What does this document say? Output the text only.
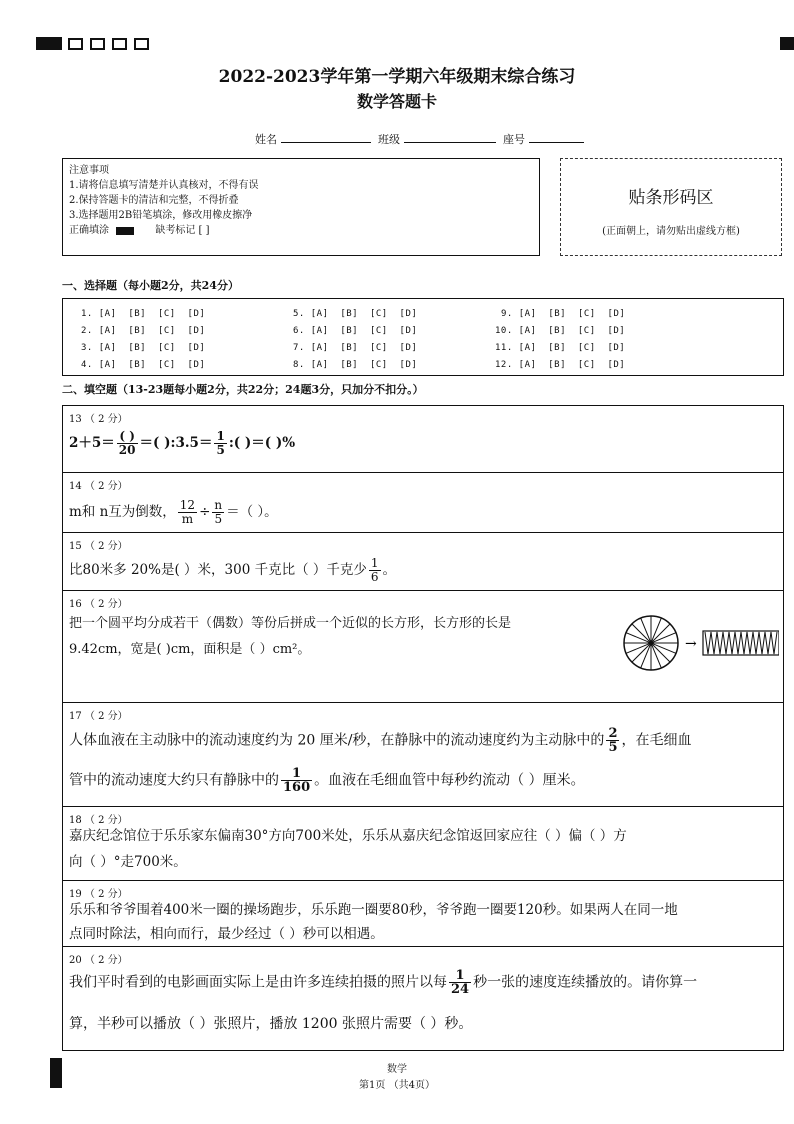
2022-2023学年第一学期六年级期末综合练习
数学答题卡
姓名	班级	座号
注意事项
1.请将信息填写清楚并认真核对，不得有误
2.保持答题卡的清洁和完整，不得折叠
3.选择题用2B铅笔填涂，修改用橡皮擦净
正确填涂	缺考标记 [ ]
贴条形码区
(正面朝上，请勿贴出虚线方框)
一、选择题（每小题2分，共24分）
1. [A]  [B]  [C]  [D]
2. [A]  [B]  [C]  [D]
3. [A]  [B]  [C]  [D]
4. [A]  [B]  [C]  [D]
5. [A]  [B]  [C]  [D]
6. [A]  [B]  [C]  [D]
7. [A]  [B]  [C]  [D]
8. [A]  [B]  [C]  [D]
9. [A]  [B]  [C]  [D]
10. [A]  [B]  [C]  [D]
11. [A]  [B]  [C]  [D]
12. [A]  [B]  [C]  [D]
二、填空题（13-23题每小题2分，共22分；24题3分，只加分不扣分。）
13 （ 2 分）
$2+5= \frac{( )}{20}$ ＝( ):3.5＝ $\frac{1}{5}$ :( )＝( )%
14 （ 2 分）
m和 n互为倒数， $\frac{12}{m} \div \frac{n}{5}$ ＝（ ）。
15 （ 2 分）
比80米多 20%是( ）米，300 千克比（ ）千克少 $\frac{1}{6}$ 。
16 （ 2 分）
把一个圆平均分成若干（偶数）等份后拼成一个近似的长方形，长方形的长是
9.42cm，宽是( )cm，面积是（ ）cm²。	→
17 （ 2 分）
人体血液在主动脉中的流动速度约为 20 厘米/秒，在静脉中的流动速度约为主动脉中的 $\frac{2}{5}$ ，在毛细血
管中的流动速度大约只有静脉中的 $\frac{1}{160}$ 。血液在毛细血管中每秒约流动（ ）厘米。
18 （ 2 分）
嘉庆纪念馆位于乐乐家东偏南30°方向700米处，乐乐从嘉庆纪念馆返回家应往（ ）偏（ ）方
向（ ）°走700米。
19 （ 2 分）
乐乐和爷爷围着400米一圈的操场跑步，乐乐跑一圈要80秒，爷爷跑一圈要120秒。如果两人在同一地
点同时除法，相向而行，最少经过（ ）秒可以相遇。
20 （ 2 分）
我们平时看到的电影画面实际上是由许多连续拍摄的照片以每 $\frac{1}{24}$ 秒一张的速度连续播放的。请你算一
算，半秒可以播放（ ）张照片，播放 1200 张照片需要（ ）秒。
数学
第1页 （共4页）
